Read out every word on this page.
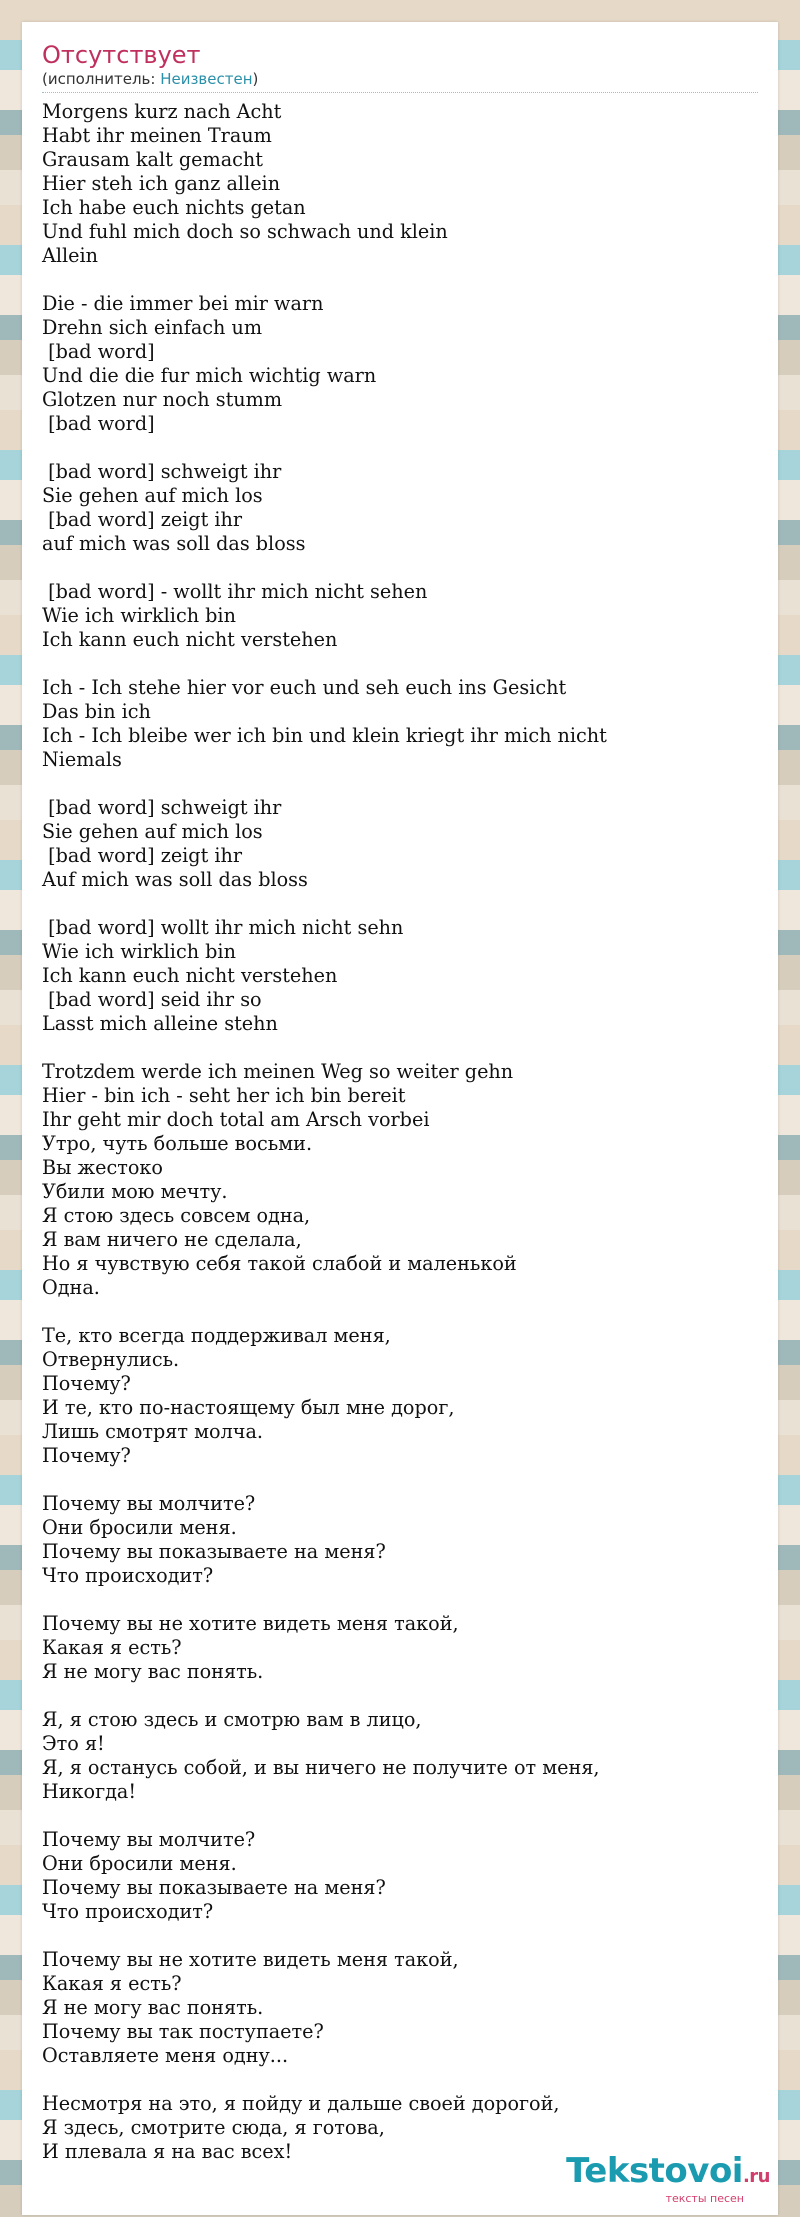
Отсутствует
(исполнитель: Неизвестен)
Morgens kurz nach Acht
Habt ihr meinen Traum
Grausam kalt gemacht
Hier steh ich ganz allein
Ich habe euch nichts getan
Und fuhl mich doch so schwach und klein
Allein

Die - die immer bei mir warn
Drehn sich einfach um
[bad word]
Und die die fur mich wichtig warn
Glotzen nur noch stumm
[bad word]

[bad word] schweigt ihr
Sie gehen auf mich los
[bad word] zeigt ihr
auf mich was soll das bloss

[bad word] - wollt ihr mich nicht sehen
Wie ich wirklich bin
Ich kann euch nicht verstehen

Ich - Ich stehe hier vor euch und seh euch ins Gesicht
Das bin ich
Ich - Ich bleibe wer ich bin und klein kriegt ihr mich nicht
Niemals

[bad word] schweigt ihr
Sie gehen auf mich los
[bad word] zeigt ihr
Auf mich was soll das bloss

[bad word] wollt ihr mich nicht sehn
Wie ich wirklich bin
Ich kann euch nicht verstehen
[bad word] seid ihr so
Lasst mich alleine stehn

Trotzdem werde ich meinen Weg so weiter gehn
Hier - bin ich - seht her ich bin bereit
Ihr geht mir doch total am Arsch vorbei
Утро, чуть больше восьми.
Вы жестоко
Убили мою мечту.
Я стою здесь совсем одна,
Я вам ничего не сделала,
Но я чувствую себя такой слабой и маленькой
Одна.

Те, кто всегда поддерживал меня,
Отвернулись.
Почему?
И те, кто по-настоящему был мне дорог,
Лишь смотрят молча.
Почему?

Почему вы молчите?
Они бросили меня.
Почему вы показываете на меня?
Что происходит?

Почему вы не хотите видеть меня такой,
Какая я есть?
Я не могу вас понять.

Я, я стою здесь и смотрю вам в лицо,
Это я!
Я, я останусь собой, и вы ничего не получите от меня,
Никогда!

Почему вы молчите?
Они бросили меня.
Почему вы показываете на меня?
Что происходит?

Почему вы не хотите видеть меня такой,
Какая я есть?
Я не могу вас понять.
Почему вы так поступаете?
Оставляете меня одну...

Несмотря на это, я пойду и дальше своей дорогой,
Я здесь, смотрите сюда, я готова,
И плевала я на вас всех!	Tekstovoi.ru
тексты песен
